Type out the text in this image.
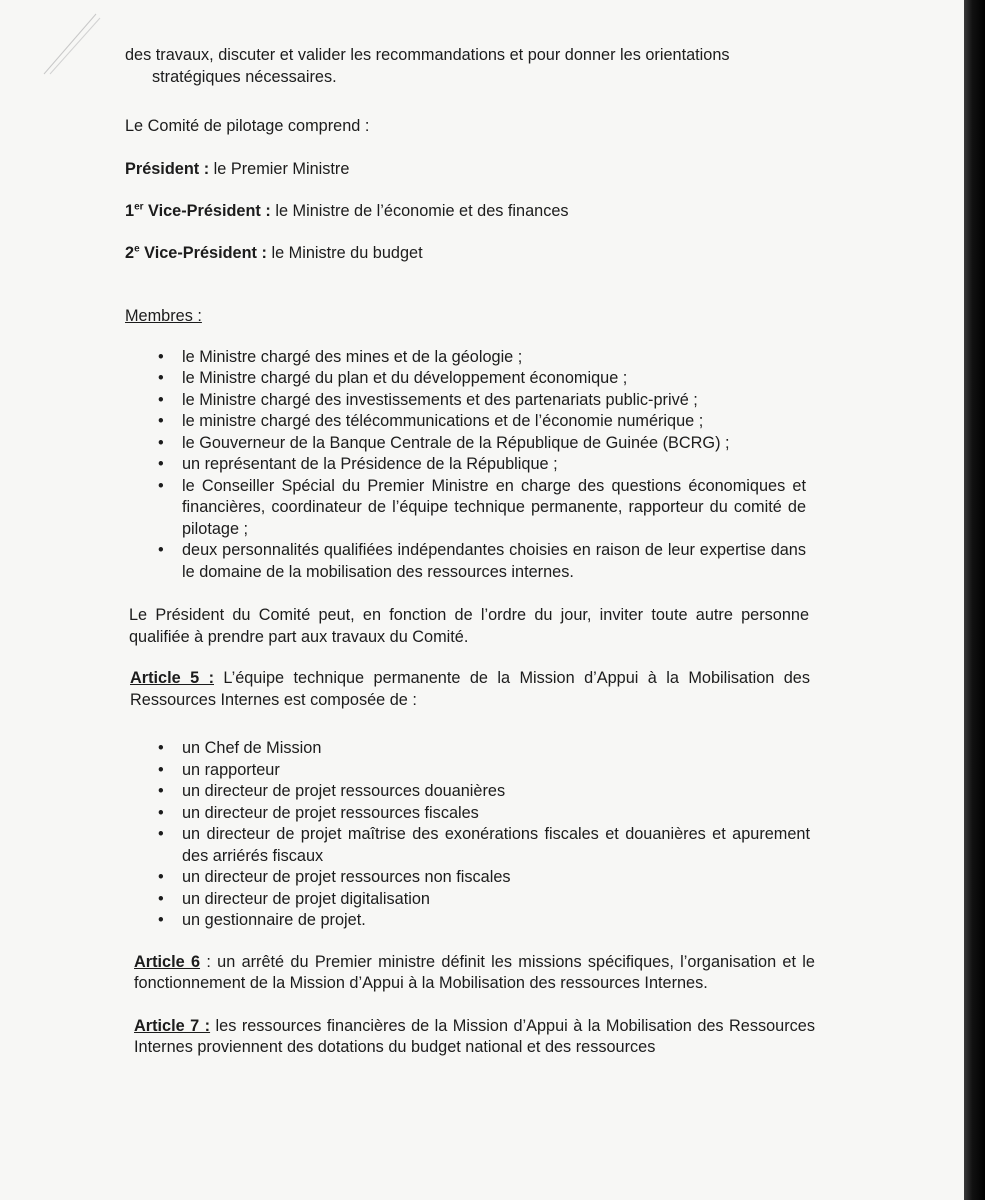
des travaux, discuter et valider les recommandations et pour donner les orientations

stratégiques nécessaires.

Le Comité de pilotage comprend :

Président : le Premier Ministre

1er Vice-Président : le Ministre de l’économie et des finances

2e Vice-Président : le Ministre du budget

Membres :

• le Ministre chargé des mines et de la géologie ;
• le Ministre chargé du plan et du développement économique ;
• le Ministre chargé des investissements et des partenariats public-privé ;
• le ministre chargé des télécommunications et de l’économie numérique ;
• le Gouverneur de la Banque Centrale de la République de Guinée (BCRG) ;
• un représentant de la Présidence de la République ;
• le Conseiller Spécial du Premier Ministre en charge des questions économiques et financières, coordinateur de l’équipe technique permanente, rapporteur du comité de pilotage ;
• deux personnalités qualifiées indépendantes choisies en raison de leur expertise dans le domaine de la mobilisation des ressources internes.

Le Président du Comité peut, en fonction de l’ordre du jour, inviter toute autre personne qualifiée à prendre part aux travaux du Comité.

Article 5 : L’équipe technique permanente de la Mission d’Appui à la Mobilisation des Ressources Internes est composée de :

• un Chef de Mission
• un rapporteur
• un directeur de projet ressources douanières
• un directeur de projet ressources fiscales
• un directeur de projet maîtrise des exonérations fiscales et douanières et apurement des arriérés fiscaux
• un directeur de projet ressources non fiscales
• un directeur de projet digitalisation
• un gestionnaire de projet.

Article 6 : un arrêté du Premier ministre définit les missions spécifiques, l’organisation et le fonctionnement de la Mission d’Appui à la Mobilisation des ressources Internes.

Article 7 : les ressources financières de la Mission d’Appui à la Mobilisation des Ressources Internes proviennent des dotations du budget national et des ressources
